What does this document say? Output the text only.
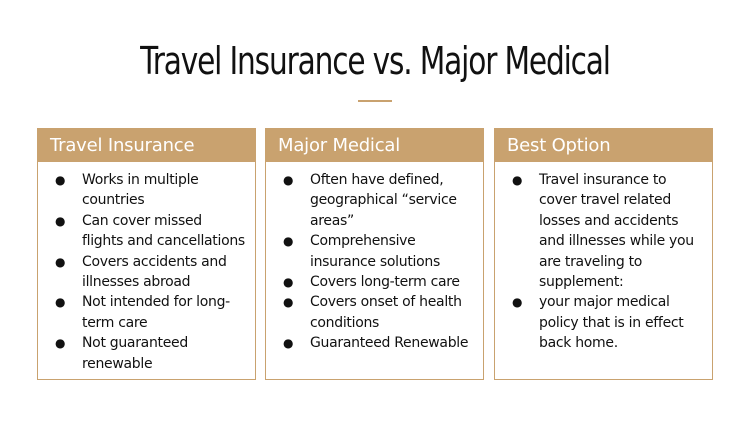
Travel Insurance vs. Major Medical
Travel Insurance
● Works in multiple countries
● Can cover missed flights and cancellations
● Covers accidents and illnesses abroad
● Not intended for long-term care
● Not guaranteed renewable
Major Medical
● Often have defined, geographical “service areas”
● Comprehensive insurance solutions
● Covers long-term care
● Covers onset of health conditions
● Guaranteed Renewable
Best Option
● Travel insurance to cover travel related losses and accidents and illnesses while you are traveling to supplement:
● your major medical policy that is in effect back home.
